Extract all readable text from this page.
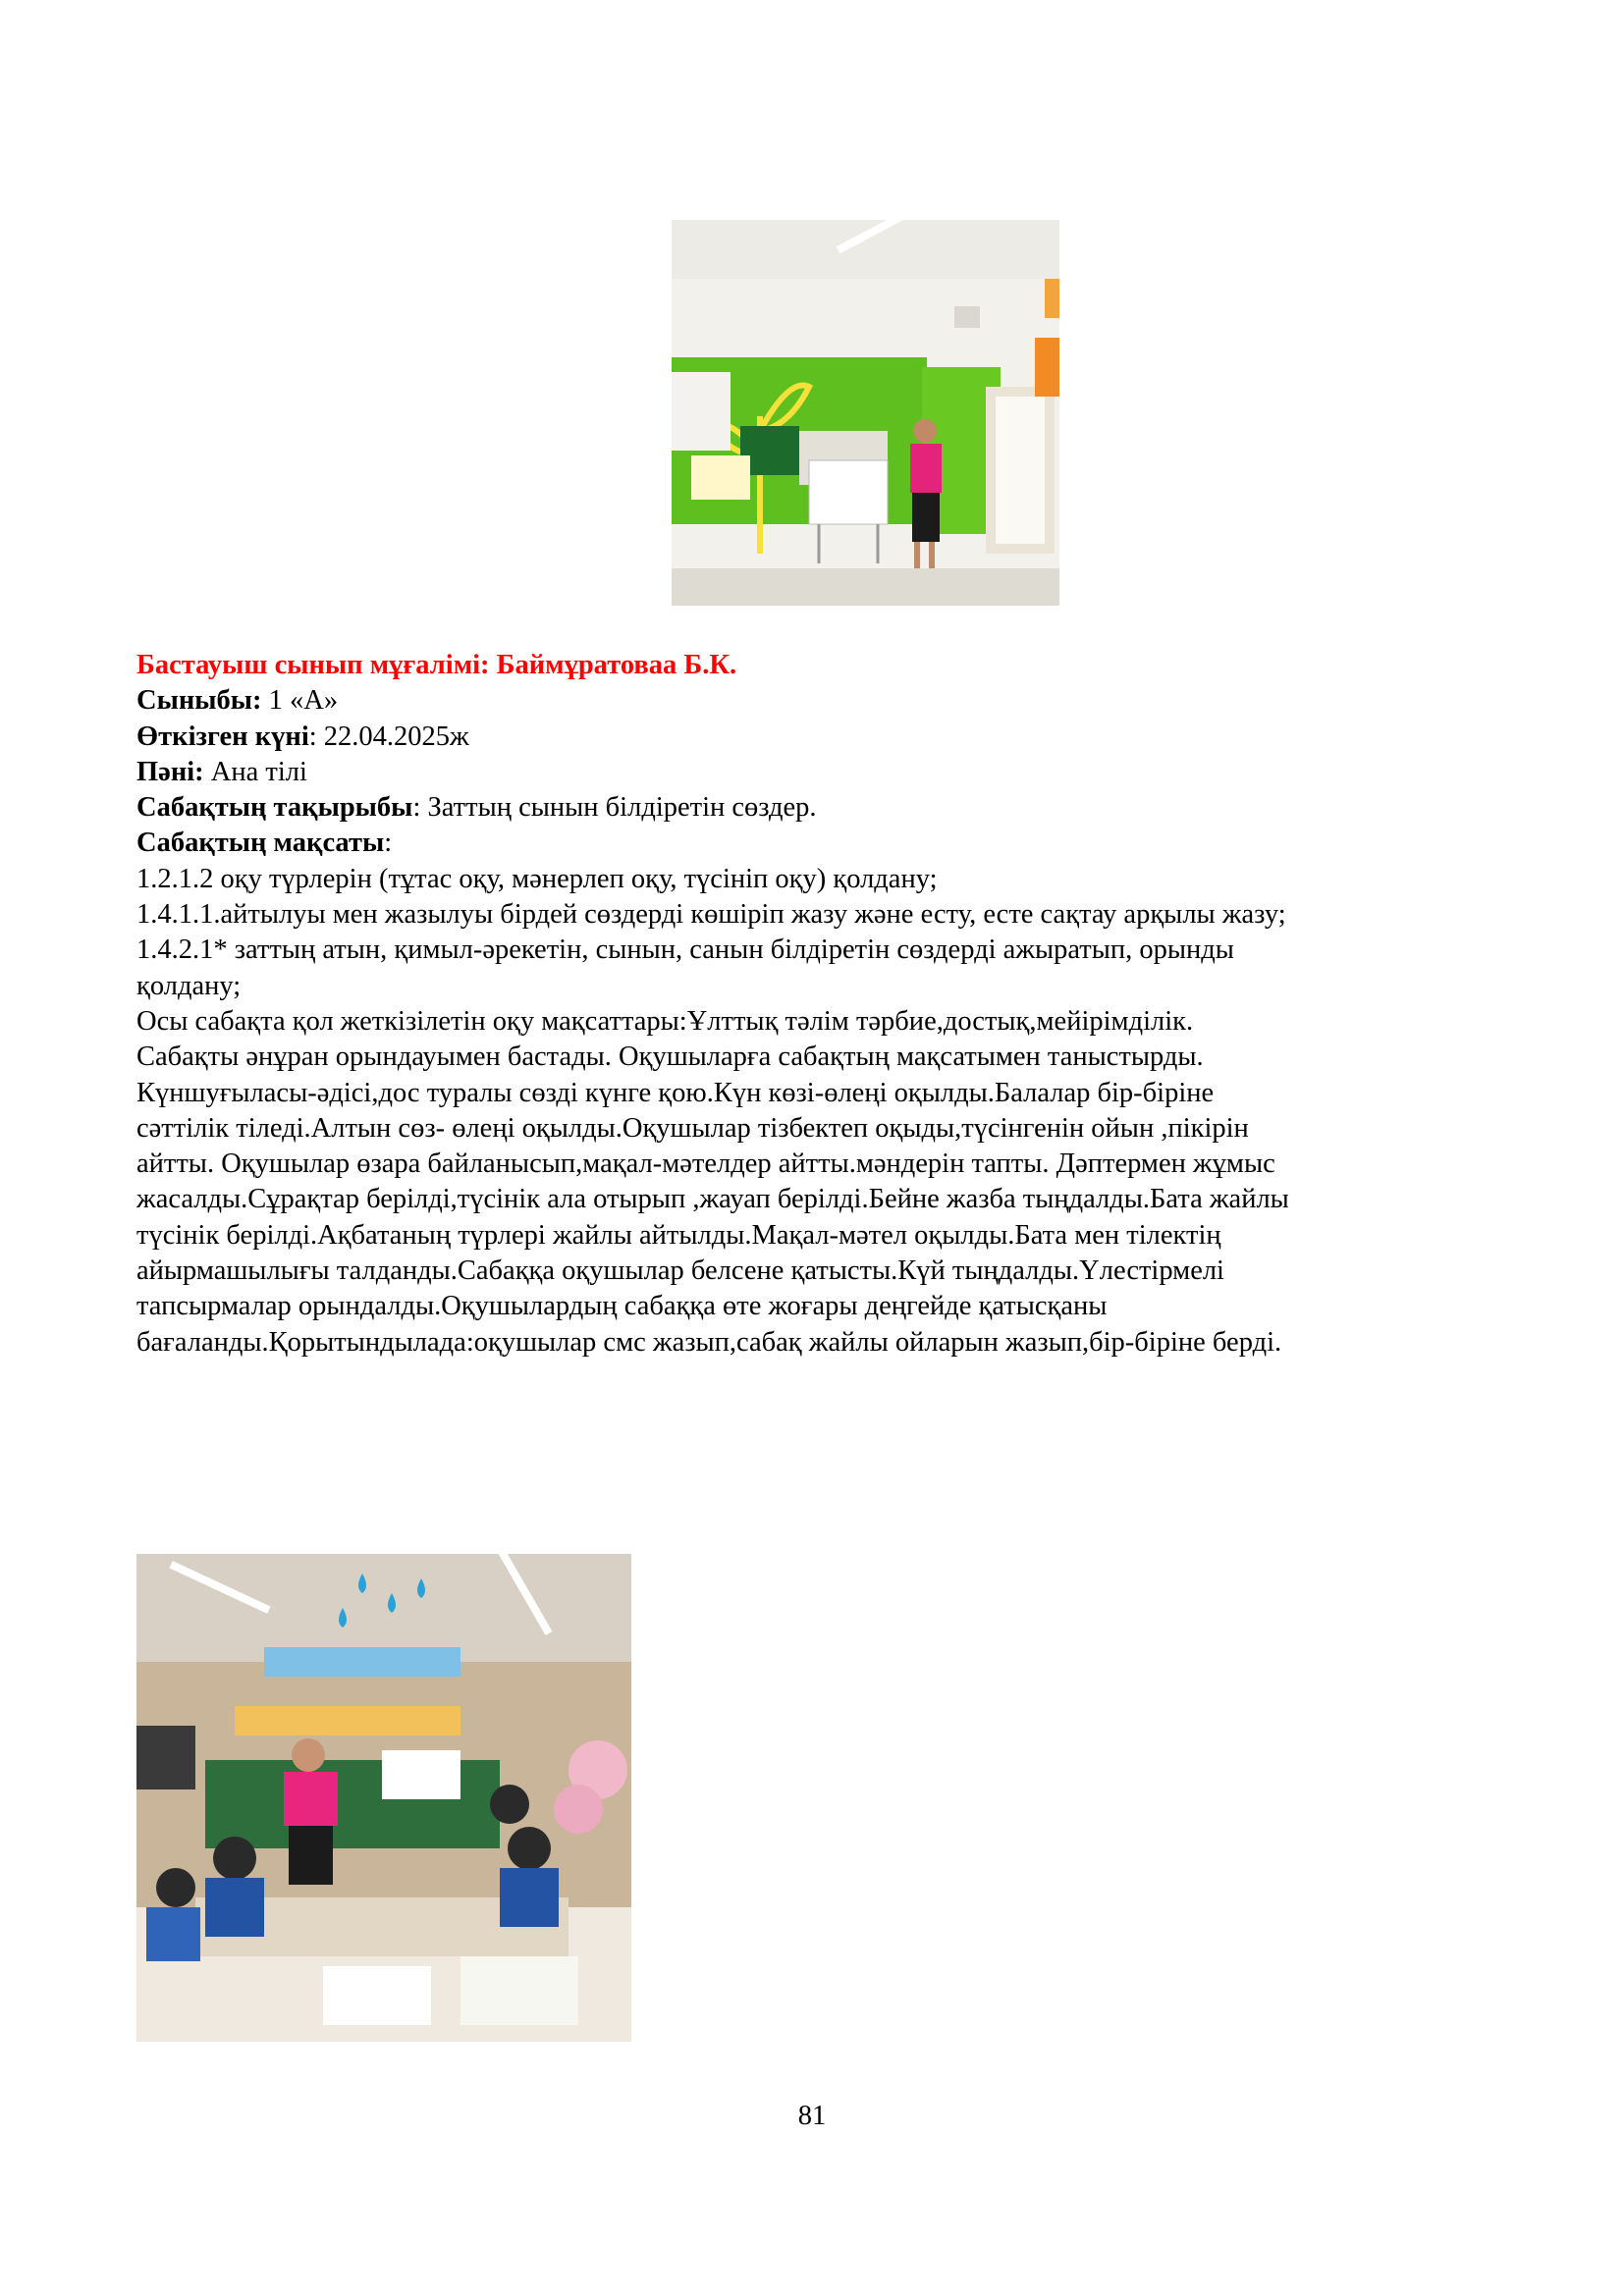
Бастауыш сынып мұғалімі: Баймұратоваа Б.К.

Сыныбы: 1 «А»

Өткізген күні: 22.04.2025ж

Пәні: Ана тілі

Сабақтың тақырыбы: Заттың сынын білдіретін сөздер.

Сабақтың мақсаты:

1.2.1.2 оқу түрлерін (тұтас оқу, мәнерлеп оқу, түсініп оқу) қолдану;

1.4.1.1.айтылуы мен жазылуы бірдей сөздерді көшіріп жазу және есту, есте сақтау арқылы жазу;

1.4.2.1* заттың атын, қимыл-әрекетін, сынын, санын білдіретін сөздерді ажыратып, орынды

қолдану;

Осы сабақта қол жеткізілетін оқу мақсаттары:Ұлттық тәлім тәрбие,достық,мейірімділік.

Сабақты әнұран орындауымен бастады. Оқушыларға сабақтың мақсатымен таныстырды.

Күншуғыласы-әдісі,дос туралы сөзді күнге қою.Күн көзі-өлеңі оқылды.Балалар бір-біріне

сәттілік тіледі.Алтын сөз- өлеңі оқылды.Оқушылар тізбектеп оқыды,түсінгенін ойын ,пікірін

айтты. Оқушылар өзара байланысып,мақал-мәтелдер айтты.мәндерін тапты. Дәптермен жұмыс

жасалды.Сұрақтар берілді,түсінік ала отырып ,жауап берілді.Бейне жазба тыңдалды.Бата жайлы

түсінік берілді.Ақбатаның түрлері жайлы айтылды.Мақал-мәтел оқылды.Бата мен тілектің

айырмашылығы талданды.Сабаққа оқушылар белсене қатысты.Күй тыңдалды.Үлестірмелі

тапсырмалар орындалды.Оқушылардың сабаққа өте жоғары деңгейде қатысқаны

бағаланды.Қорытындылада:оқушылар смс жазып,сабақ жайлы ойларын жазып,бір-біріне берді.

81
